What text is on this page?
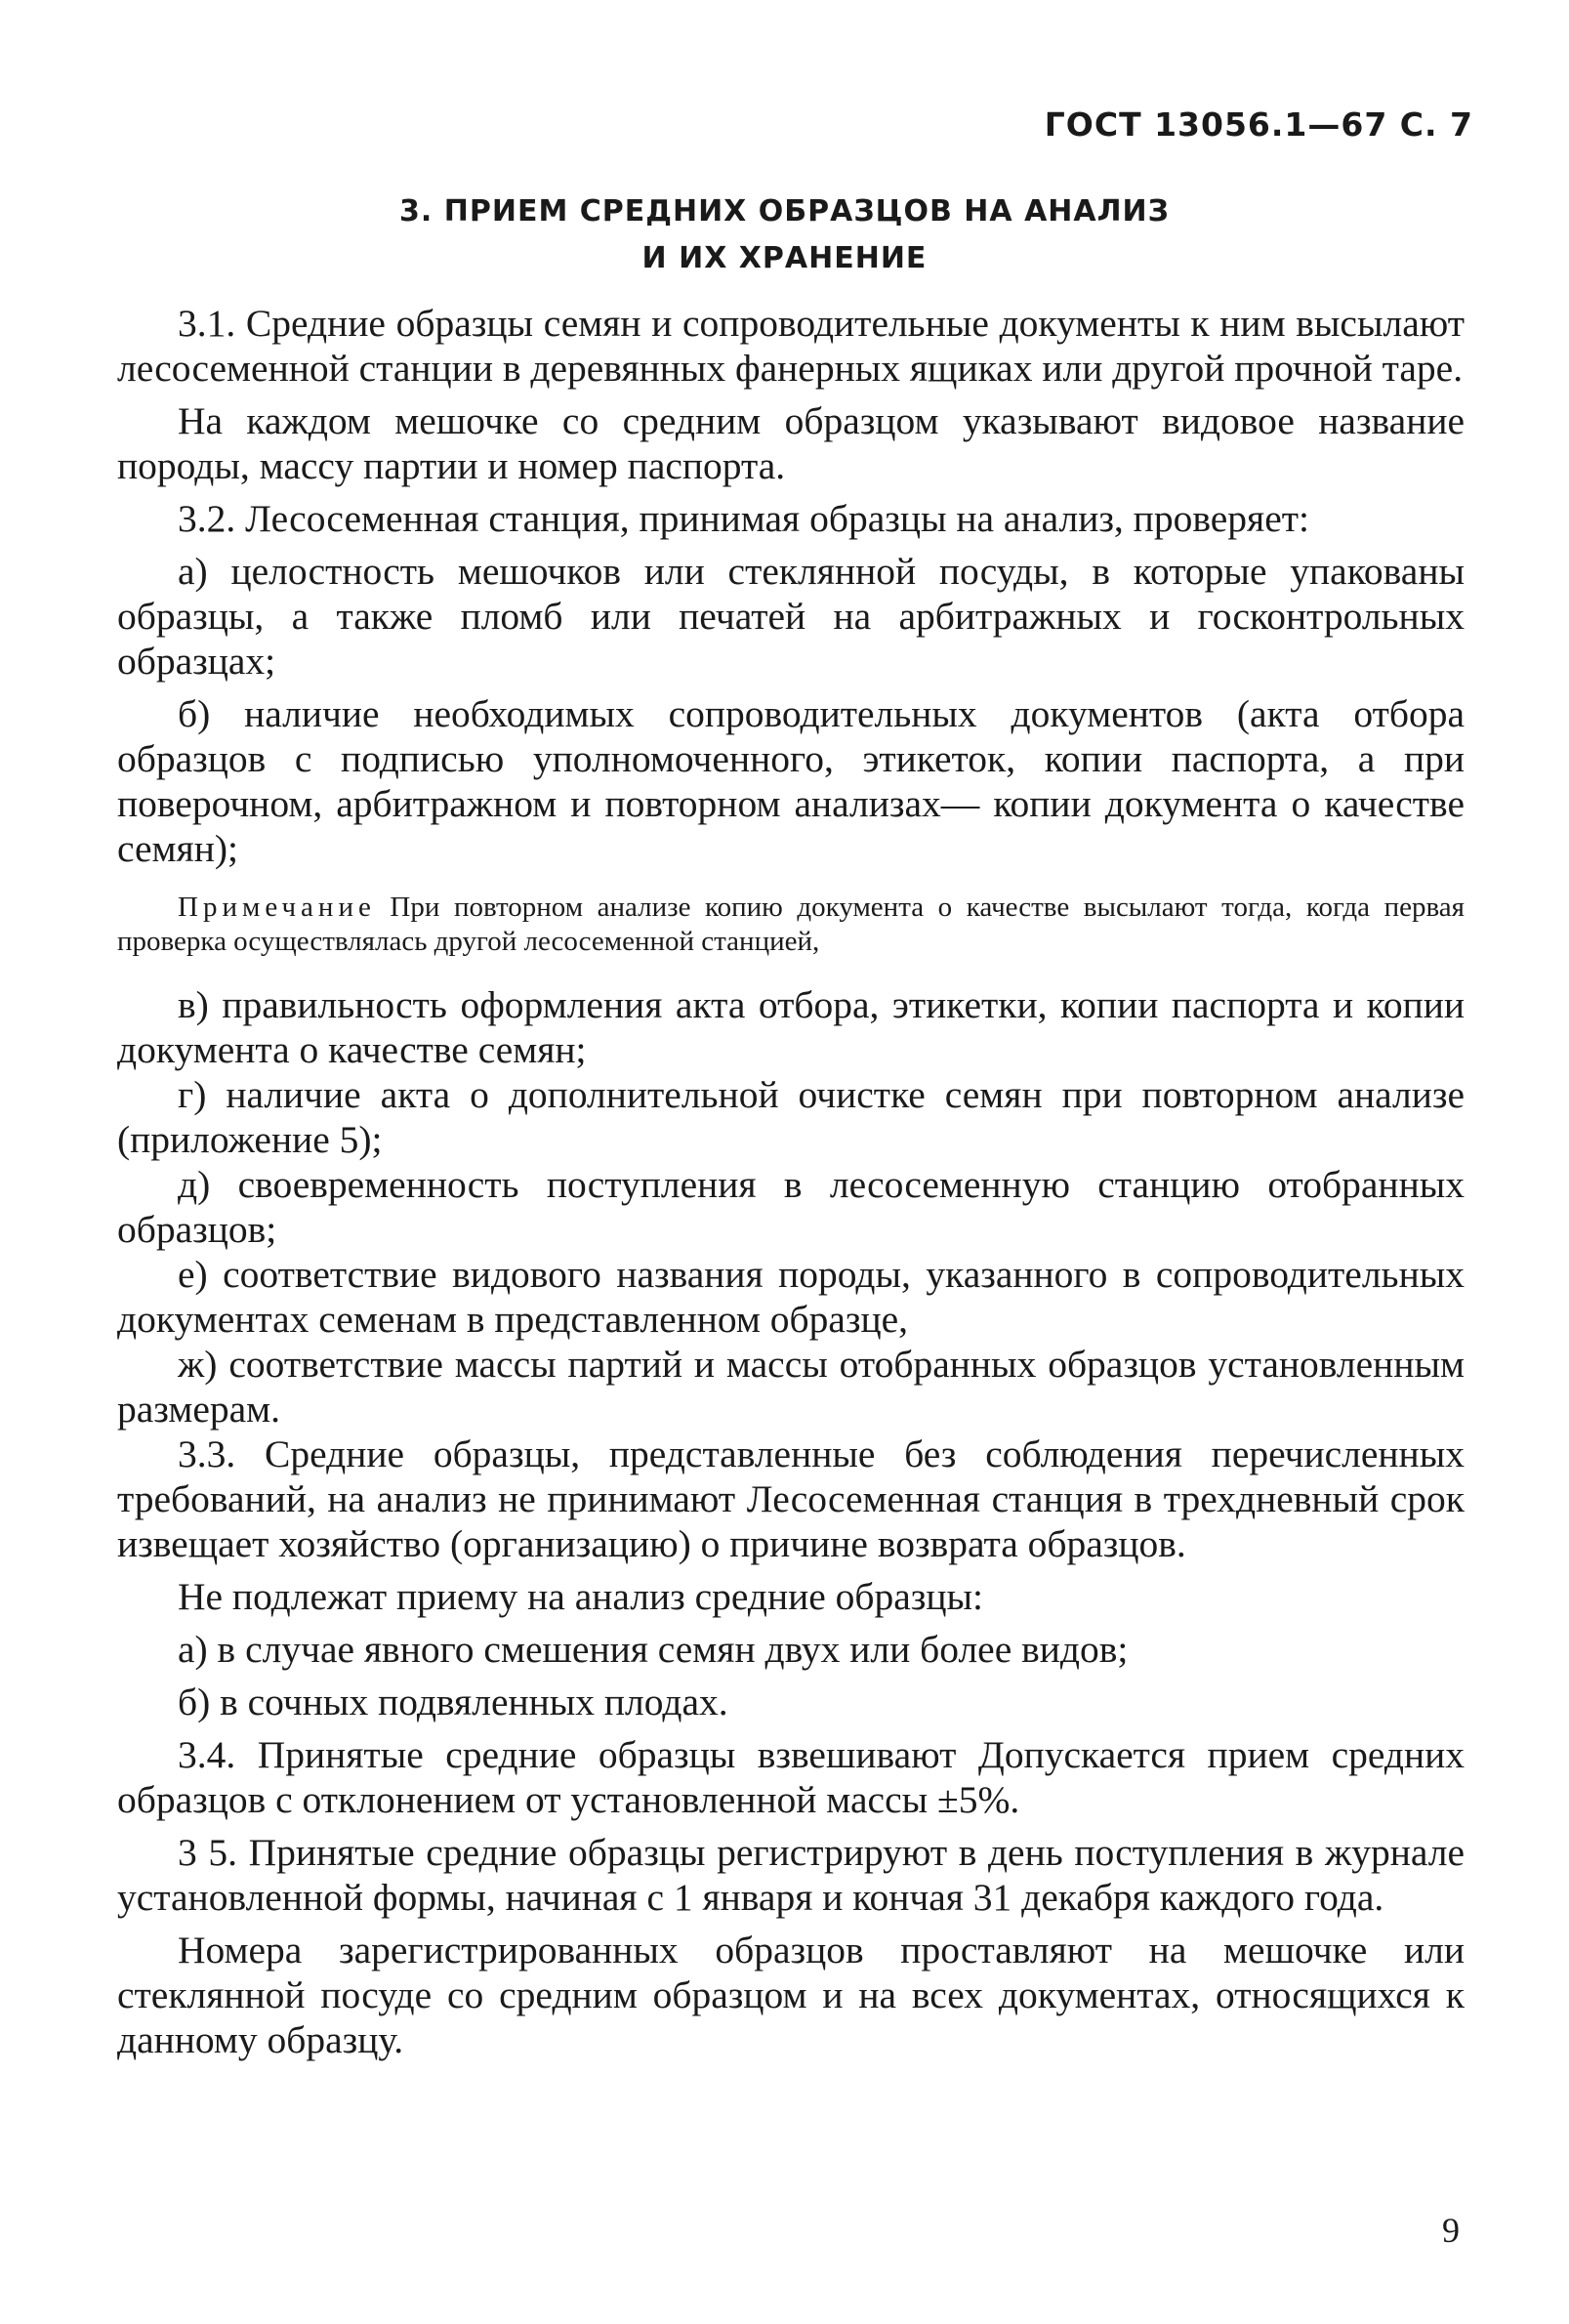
ГОСТ 13056.1—67 С. 7
3. ПРИЕМ СРЕДНИХ ОБРАЗЦОВ НА АНАЛИЗ
И ИХ ХРАНЕНИЕ

3.1. Средние образцы семян и сопроводительные документы к ним высылают лесосеменной станции в деревянных фанерных ящиках или другой прочной таре.

На каждом мешочке со средним образцом указывают видовое название породы, массу партии и номер паспорта.

3.2. Лесосеменная станция, принимая образцы на анализ, проверяет:

а) целостность мешочков или стеклянной посуды, в которые упакованы образцы, а также пломб или печатей на арбитражных и госконтрольных образцах;

б) наличие необходимых сопроводительных документов (акта отбора образцов с подписью уполномоченного, этикеток, копии паспорта, а при поверочном, арбитражном и повторном анализах— копии документа о качестве семян);

Примечание При повторном анализе копию документа о качестве высылают тогда, когда первая проверка осуществлялась другой лесосеменной станцией,

в) правильность оформления акта отбора, этикетки, копии паспорта и копии документа о качестве семян;

г) наличие акта о дополнительной очистке семян при повторном анализе (приложение 5);

д) своевременность поступления в лесосеменную станцию отобранных образцов;

е) соответствие видового названия породы, указанного в сопроводительных документах семенам в представленном образце,

ж) соответствие массы партий и массы отобранных образцов установленным размерам.

3.3. Средние образцы, представленные без соблюдения перечисленных требований, на анализ не принимают Лесосеменная станция в трехдневный срок извещает хозяйство (организацию) о причине возврата образцов.

Не подлежат приему на анализ средние образцы:

а) в случае явного смешения семян двух или более видов;

б) в сочных подвяленных плодах.

3.4. Принятые средние образцы взвешивают Допускается прием средних образцов с отклонением от установленной массы ±5%.

3 5. Принятые средние образцы регистрируют в день поступления в журнале установленной формы, начиная с 1 января и кончая 31 декабря каждого года.

Номера зарегистрированных образцов проставляют на мешочке или стеклянной посуде со средним образцом и на всех документах, относящихся к данному образцу.

9
